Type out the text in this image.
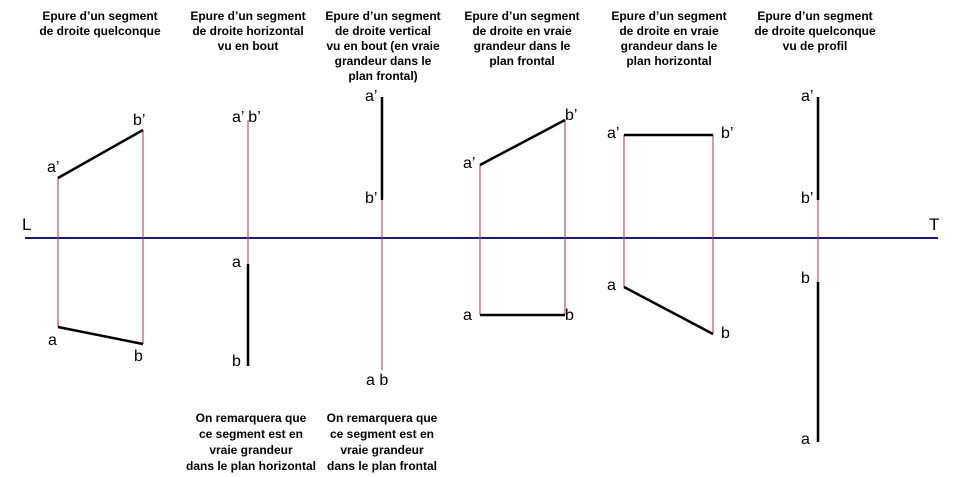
L	T
a’
b’
a
b
a’ b’
a
b
a’
b’
a b
a’
b’
a	b
a’	b’
a
b
a’
b’
b
a
Epure d’un segment
de droite quelconque
Epure d’un segment
de droite horizontal
vu en bout
Epure d’un segment
de droite vertical
vu en bout (en vraie
grandeur dans le
plan frontal)
Epure d’un segment
de droite en vraie
grandeur dans le
plan frontal
Epure d’un segment
de droite en vraie
grandeur dans le
plan horizontal
Epure d’un segment
de droite quelconque
vu de profil
On remarquera que
ce segment est en
vraie grandeur
dans le plan horizontal
On remarquera que
ce segment est en
vraie grandeur
dans le plan frontal
